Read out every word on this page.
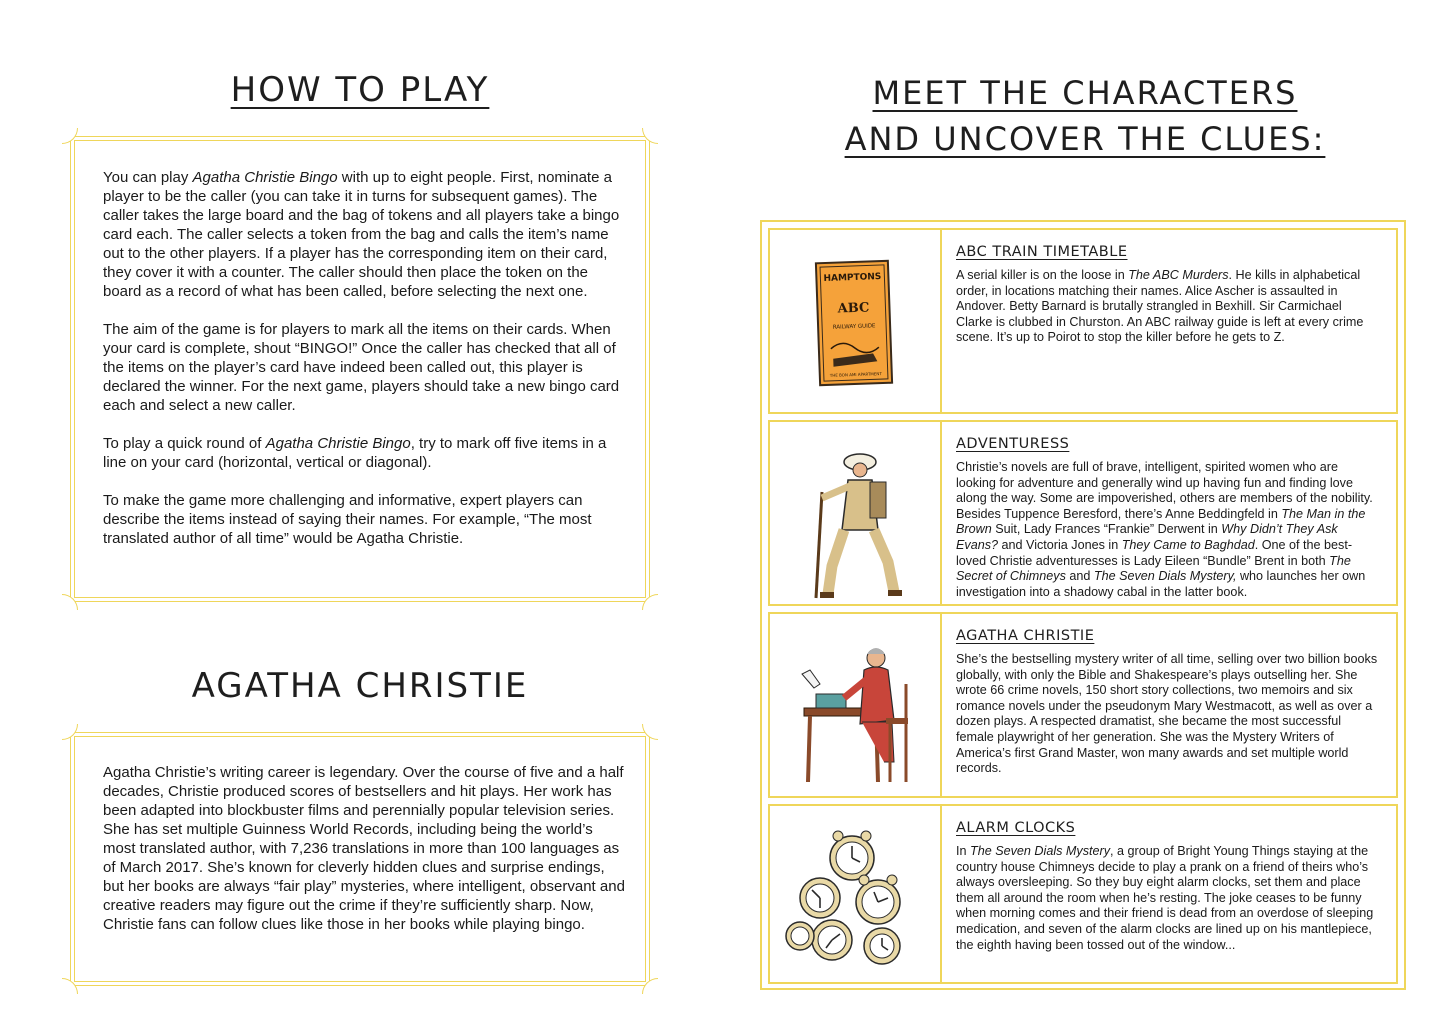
HOW TO PLAY

You can play Agatha Christie Bingo with up to eight people. First, nominate a player to be the caller (you can take it in turns for subsequent games). The caller takes the large board and the bag of tokens and all players take a bingo card each. The caller selects a token from the bag and calls the item’s name out to the other players. If a player has the corresponding item on their card, they cover it with a counter. The caller should then place the token on the board as a record of what has been called, before selecting the next one.

The aim of the game is for players to mark all the items on their cards. When your card is complete, shout “BINGO!” Once the caller has checked that all of the items on the player’s card have indeed been called out, this player is declared the winner. For the next game, players should take a new bingo card each and select a new caller.

To play a quick round of Agatha Christie Bingo, try to mark off five items in a line on your card (horizontal, vertical or diagonal).

To make the game more challenging and informative, expert players can describe the items instead of saying their names. For example, “The most translated author of all time” would be Agatha Christie.

AGATHA CHRISTIE

Agatha Christie’s writing career is legendary. Over the course of five and a half decades, Christie produced scores of bestsellers and hit plays. Her work has been adapted into blockbuster films and perennially popular television series. She has set multiple Guinness World Records, including being the world’s most translated author, with 7,236 translations in more than 100 languages as of March 2017. She’s known for cleverly hidden clues and surprise endings, but her books are always “fair play” mysteries, where intelligent, observant and creative readers may figure out the crime if they’re sufficiently sharp. Now, Christie fans can follow clues like those in her books while playing bingo.

MEET THE CHARACTERS
AND UNCOVER THE CLUES:
HAMPTONS
ABC
RAILWAY GUIDE
THE BON AMI APARTMENT
ABC TRAIN TIMETABLE
A serial killer is on the loose in The ABC Murders. He kills in alphabetical order, in locations matching their names. Alice Ascher is assaulted in Andover. Betty Barnard is brutally strangled in Bexhill. Sir Carmichael Clarke is clubbed in Churston. An ABC railway guide is left at every crime scene. It’s up to Poirot to stop the killer before he gets to Z.
ADVENTURESS
Christie’s novels are full of brave, intelligent, spirited women who are looking for adventure and generally wind up having fun and finding love along the way. Some are impoverished, others are members of the nobility. Besides Tuppence Beresford, there’s Anne Beddingfeld in The Man in the Brown Suit, Lady Frances “Frankie” Derwent in Why Didn’t They Ask Evans? and Victoria Jones in They Came to Baghdad. One of the best-loved Christie adventuresses is Lady Eileen “Bundle” Brent in both The Secret of Chimneys and The Seven Dials Mystery, who launches her own investigation into a shadowy cabal in the latter book.
AGATHA CHRISTIE
She’s the bestselling mystery writer of all time, selling over two billion books globally, with only the Bible and Shakespeare’s plays outselling her. She wrote 66 crime novels, 150 short story collections, two memoirs and six romance novels under the pseudonym Mary Westmacott, as well as over a dozen plays. A respected dramatist, she became the most successful female playwright of her generation. She was the Mystery Writers of America’s first Grand Master, won many awards and set multiple world records.
ALARM CLOCKS
In The Seven Dials Mystery, a group of Bright Young Things staying at the country house Chimneys decide to play a prank on a friend of theirs who’s always oversleeping. So they buy eight alarm clocks, set them and place them all around the room when he’s resting. The joke ceases to be funny when morning comes and their friend is dead from an overdose of sleeping medication, and seven of the alarm clocks are lined up on his mantlepiece, the eighth having been tossed out of the window...
